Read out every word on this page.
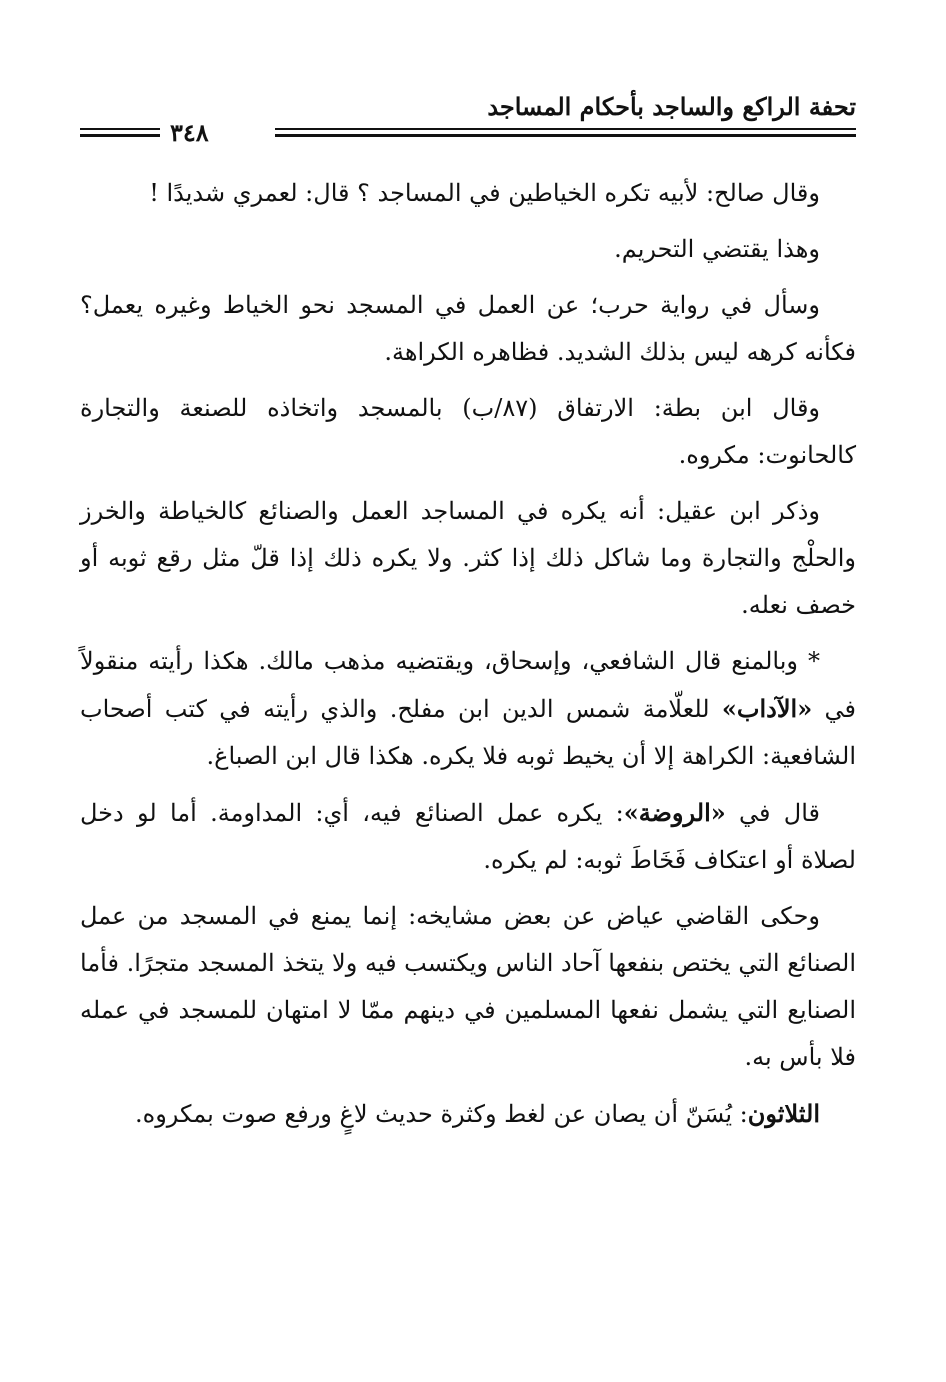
تحفة الراكع والساجد بأحكام المساجد
٣٤٨

وقال صالح: لأبيه تكره الخياطين في المساجد ؟ قال: لعمري شديدًا !

وهذا يقتضي التحريم.

وسأل في رواية حرب؛ عن العمل في المسجد نحو الخياط وغيره يعمل؟ فكأنه كرهه ليس بذلك الشديد. فظاهره الكراهة.

وقال ابن بطة: الارتفاق (٨٧/ب) بالمسجد واتخاذه للصنعة والتجارة كالحانوت: مكروه.

وذكر ابن عقيل: أنه يكره في المساجد العمل والصنائع كالخياطة والخرز والحلْج والتجارة وما شاكل ذلك إذا كثر. ولا يكره ذلك إذا قلّ مثل رقع ثوبه أو خصف نعله.

* وبالمنع قال الشافعي، وإسحاق، ويقتضيه مذهب مالك. هكذا رأيته منقولاً في «الآداب» للعلّامة شمس الدين ابن مفلح. والذي رأيته في كتب أصحاب الشافعية: الكراهة إلا أن يخيط ثوبه فلا يكره. هكذا قال ابن الصباغ.

قال في «الروضة»: يكره عمل الصنائع فيه، أي: المداومة. أما لو دخل لصلاة أو اعتكاف فَخَاطَ ثوبه: لم يكره.

وحكى القاضي عياض عن بعض مشايخه: إنما يمنع في المسجد من عمل الصنائع التي يختص بنفعها آحاد الناس ويكتسب فيه ولا يتخذ المسجد متجرًا. فأما الصنايع التي يشمل نفعها المسلمين في دينهم ممّا لا امتهان للمسجد في عمله فلا بأس به.

الثلاثون: يُسَنّ أن يصان عن لغط وكثرة حديث لاغٍ ورفع صوت بمكروه.
